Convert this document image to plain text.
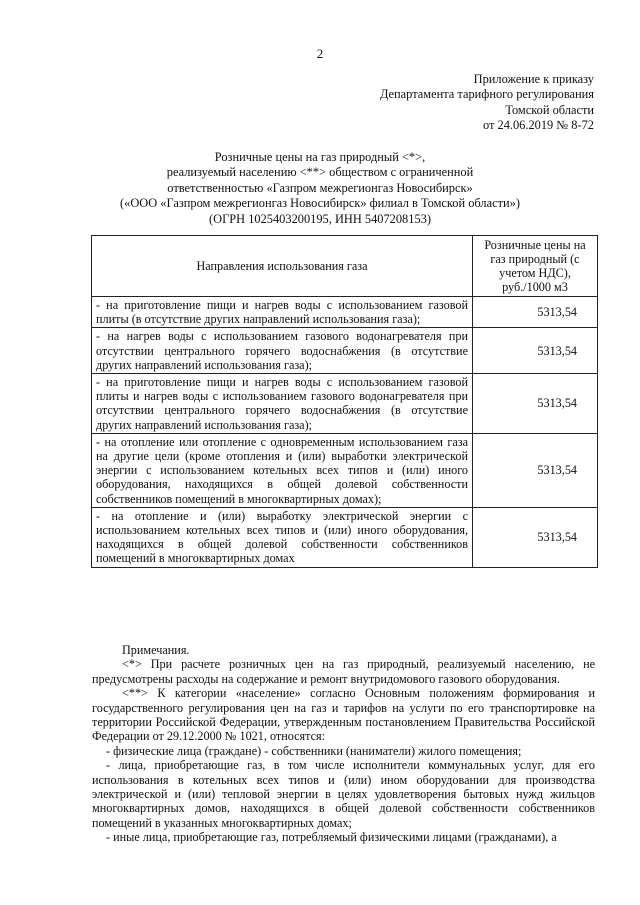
2
Приложение к приказу
Департамента тарифного регулирования
Томской области
от 24.06.2019 № 8-72
Розничные цены на газ природный <*>,
реализуемый населению <**> обществом с ограниченной
ответственностью «Газпром межрегионгаз Новосибирск»
(«ООО «Газпром межрегионгаз Новосибирск» филиал в Томской области»)
(ОГРН 1025403200195, ИНН 5407208153)
Направления использования газа	Розничные цены на газ природный (с учетом НДС), руб./1000 м3
- на приготовление пищи и нагрев воды с использованием газовой плиты (в отсутствие других направлений использования газа);	5313,54
- на нагрев воды с использованием газового водонагревателя при отсутствии центрального горячего водоснабжения (в отсутствие других направлений использования газа);	5313,54
- на приготовление пищи и нагрев воды с использованием газовой плиты и нагрев воды с использованием газового водонагревателя при отсутствии центрального горячего водоснабжения (в отсутствие других направлений использования газа);	5313,54
- на отопление или отопление с одновременным использованием газа на другие цели (кроме отопления и (или) выработки электрической энергии с использованием котельных всех типов и (или) иного оборудования, находящихся в общей долевой собственности собственников помещений в многоквартирных домах);	5313,54
- на отопление и (или) выработку электрической энергии с использованием котельных всех типов и (или) иного оборудования, находящихся в общей долевой собственности собственников помещений в многоквартирных домах	5313,54

Примечания.

<*> При расчете розничных цен на газ природный, реализуемый населению, не предусмотрены расходы на содержание и ремонт внутридомового газового оборудования.

<**> К категории «население» согласно Основным положениям формирования и государственного регулирования цен на газ и тарифов на услуги по его транспортировке на территории Российской Федерации, утвержденным постановлением Правительства Российской Федерации от 29.12.2000 № 1021, относятся:

- физические лица (граждане) - собственники (наниматели) жилого помещения;

- лица, приобретающие газ, в том числе исполнители коммунальных услуг, для его использования в котельных всех типов и (или) ином оборудовании для производства электрической и (или) тепловой энергии в целях удовлетворения бытовых нужд жильцов многоквартирных домов, находящихся в общей долевой собственности собственников помещений в указанных многоквартирных домах;

- иные лица, приобретающие газ, потребляемый физическими лицами (гражданами), а
